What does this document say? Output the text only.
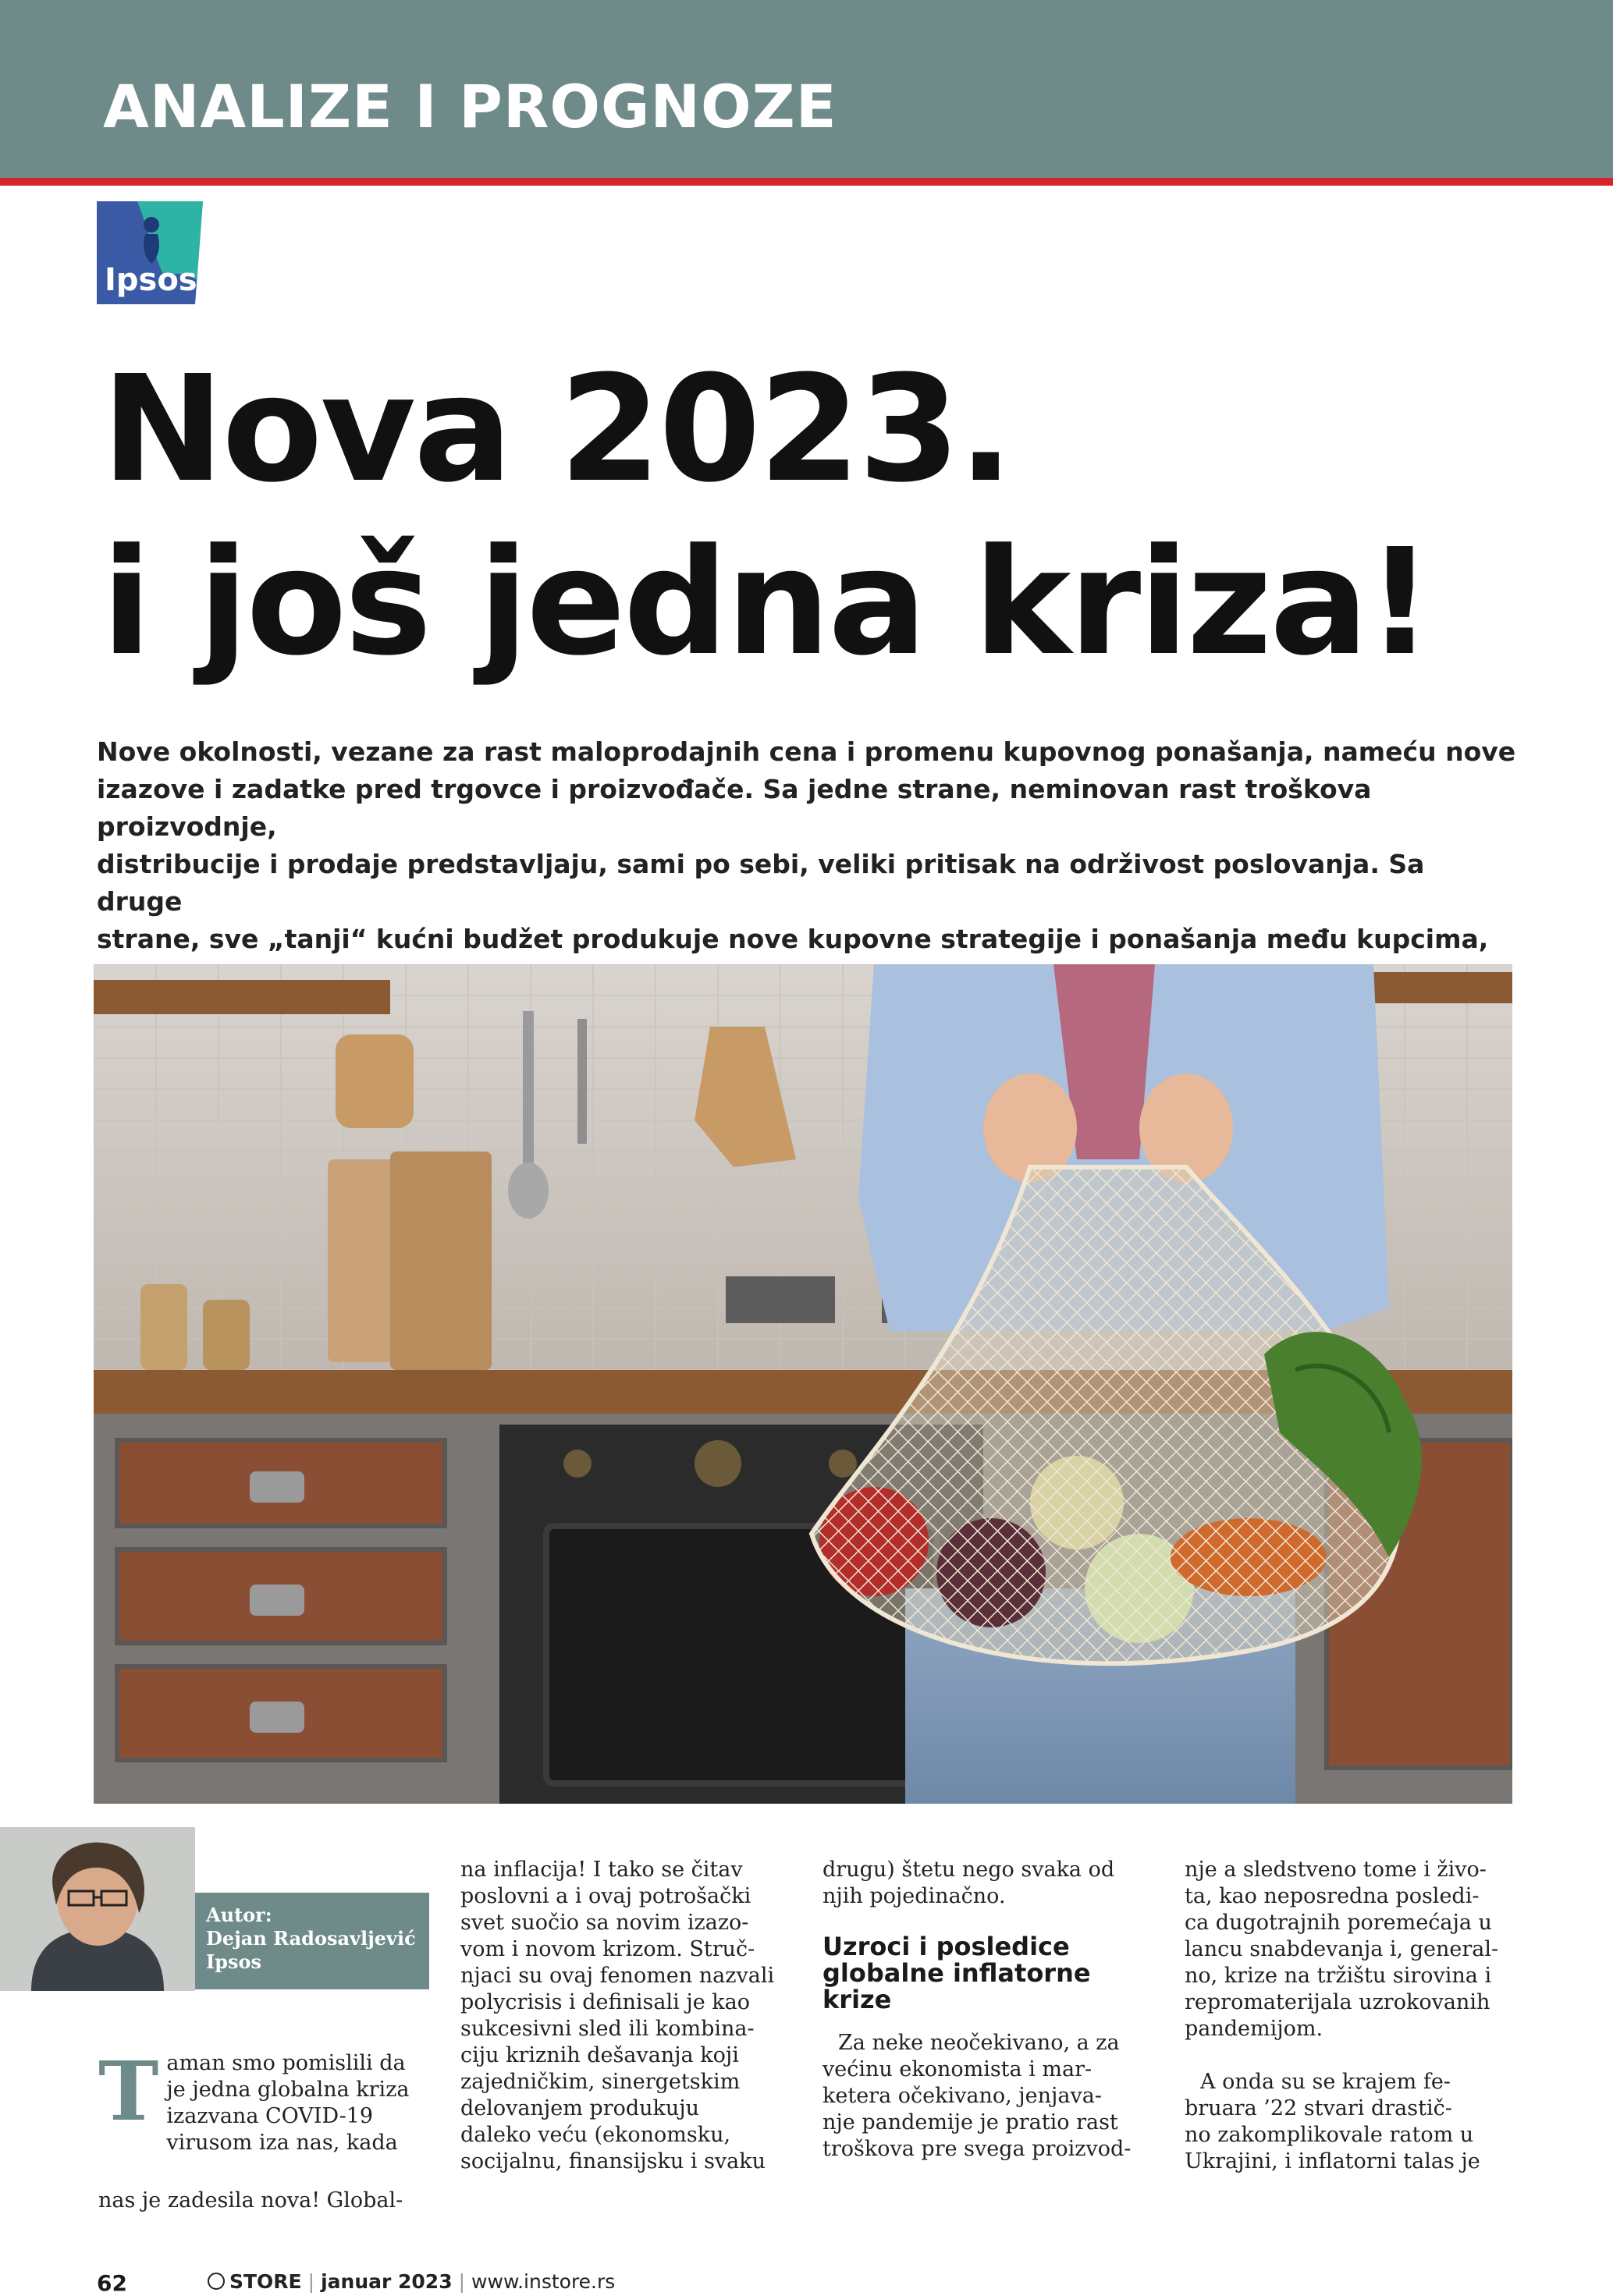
ANALIZE I PROGNOZE
Ipsos
Nova 2023.
i još jedna kriza!
Nove okolnosti, vezane za rast maloprodajnih cena i promenu kupovnog ponašanja, nameću nove
izazove i zadatke pred trgovce i proizvođače. Sa jedne strane, neminovan rast troškova proizvodnje,
distribucije i prodaje predstavljaju, sami po sebi, veliki pritisak na održivost poslovanja. Sa druge
strane, sve „tanji“ kućni budžet produkuje nove kupovne strategije i ponašanja među kupcima,
Autor:
Dejan Radosavljević
Ipsos
T aman smo pomislili da
je jedna globalna kriza
izazvana COVID-19
virusom iza nas, kada
nas je zadesila nova! Global-
na inflacija! I tako se čitav
poslovni a i ovaj potrošački
svet suočio sa novim izazo-
vom i novom krizom. Struč-
njaci su ovaj fenomen nazvali
polycrisis i definisali je kao
sukcesivni sled ili kombina-
ciju kriznih dešavanja koji
zajedničkim, sinergetskim
delovanjem produkuju
daleko veću (ekonomsku,
socijalnu, finansijsku i svaku
drugu) štetu nego svaka od
njih pojedinačno.
Uzroci i posledice
globalne inflatorne
krize
Za neke neočekivano, a za
većinu ekonomista i mar-
ketera očekivano, jenjava-
nje pandemije je pratio rast
troškova pre svega proizvod-
nje a sledstveno tome i živo-
ta, kao neposredna posledi-
ca dugotrajnih poremećaja u
lancu snabdevanja i, general-
no, krize na tržištu sirovina i
repromaterijala uzrokovanih
pandemijom.
A onda su se krajem fe-
bruara ’22 stvari drastič-
no zakomplikovale ratom u
Ukrajini, i inflatorni talas je
62	STORE | januar 2023 | www.instore.rs
